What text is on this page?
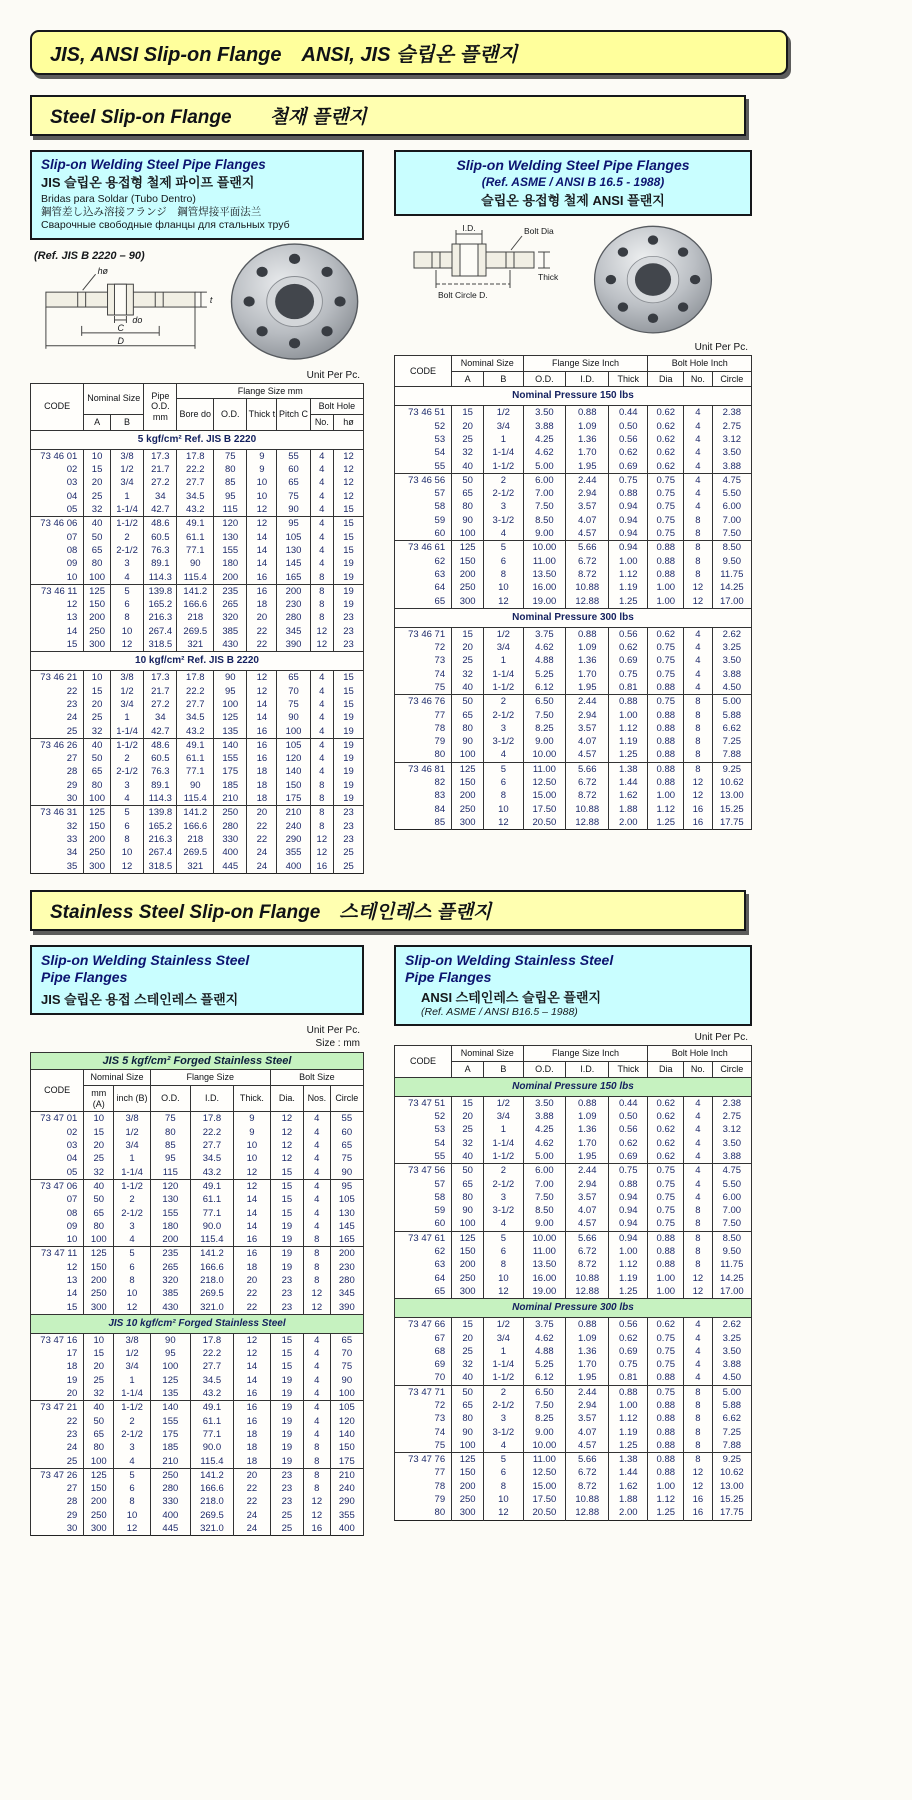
JIS, ANSI Slip-on Flange　ANSI, JIS 슬립온 플랜지
Steel Slip-on Flange　　철재 플랜지
Slip-on Welding Steel Pipe Flanges
JIS 슬립온 용접형 철제 파이프 플랜지
Bridas para Soldar (Tubo Dentro)
鋼管差し込み溶接フランジ　鋼管焊接平面法兰
Сварочные свободные фланцы для стальных труб
(Ref. JIS B 2220 – 90)
hø
t
do
C
D
Unit Per Pc.
CODE	Nominal Size		Pipe O.D. mm	Flange Size mm					
				Bore do	O.D.	Thick t	Pitch C	Bolt Hole	
	A	B						No.	hø
5 kgf/cm² Ref. JIS B 2220									
73 46 01	10	3/8	17.3	17.8	75	9	55	4	12
02	15	1/2	21.7	22.2	80	9	60	4	12
03	20	3/4	27.2	27.7	85	10	65	4	12
04	25	1	34	34.5	95	10	75	4	12
05	32	1-1/4	42.7	43.2	115	12	90	4	15
73 46 06	40	1-1/2	48.6	49.1	120	12	95	4	15
07	50	2	60.5	61.1	130	14	105	4	15
08	65	2-1/2	76.3	77.1	155	14	130	4	15
09	80	3	89.1	90	180	14	145	4	19
10	100	4	114.3	115.4	200	16	165	8	19
73 46 11	125	5	139.8	141.2	235	16	200	8	19
12	150	6	165.2	166.6	265	18	230	8	19
13	200	8	216.3	218	320	20	280	8	23
14	250	10	267.4	269.5	385	22	345	12	23
15	300	12	318.5	321	430	22	390	12	23
10 kgf/cm² Ref. JIS B 2220									
73 46 21	10	3/8	17.3	17.8	90	12	65	4	15
22	15	1/2	21.7	22.2	95	12	70	4	15
23	20	3/4	27.2	27.7	100	14	75	4	15
24	25	1	34	34.5	125	14	90	4	19
25	32	1-1/4	42.7	43.2	135	16	100	4	19
73 46 26	40	1-1/2	48.6	49.1	140	16	105	4	19
27	50	2	60.5	61.1	155	16	120	4	19
28	65	2-1/2	76.3	77.1	175	18	140	4	19
29	80	3	89.1	90	185	18	150	8	19
30	100	4	114.3	115.4	210	18	175	8	19
73 46 31	125	5	139.8	141.2	250	20	210	8	23
32	150	6	165.2	166.6	280	22	240	8	23
33	200	8	216.3	218	330	22	290	12	23
34	250	10	267.4	269.5	400	24	355	12	25
35	300	12	318.5	321	445	24	400	16	25
Slip-on Welding Steel Pipe Flanges
(Ref. ASME / ANSI B 16.5 - 1988)
슬립온 용접형 철제 ANSI 플랜지
I.D.	Bolt Dia
Thick
Bolt Circle D.
Unit Per Pc.
CODE	Nominal Size		Flange Size Inch			Bolt Hole Inch		
	A	B	O.D.	I.D.	Thick	Dia	No.	Circle
Nominal Pressure 150 lbs								
73 46 51	15	1/2	3.50	0.88	0.44	0.62	4	2.38
52	20	3/4	3.88	1.09	0.50	0.62	4	2.75
53	25	1	4.25	1.36	0.56	0.62	4	3.12
54	32	1-1/4	4.62	1.70	0.62	0.62	4	3.50
55	40	1-1/2	5.00	1.95	0.69	0.62	4	3.88
73 46 56	50	2	6.00	2.44	0.75	0.75	4	4.75
57	65	2-1/2	7.00	2.94	0.88	0.75	4	5.50
58	80	3	7.50	3.57	0.94	0.75	4	6.00
59	90	3-1/2	8.50	4.07	0.94	0.75	8	7.00
60	100	4	9.00	4.57	0.94	0.75	8	7.50
73 46 61	125	5	10.00	5.66	0.94	0.88	8	8.50
62	150	6	11.00	6.72	1.00	0.88	8	9.50
63	200	8	13.50	8.72	1.12	0.88	8	11.75
64	250	10	16.00	10.88	1.19	1.00	12	14.25
65	300	12	19.00	12.88	1.25	1.00	12	17.00
Nominal Pressure 300 lbs								
73 46 71	15	1/2	3.75	0.88	0.56	0.62	4	2.62
72	20	3/4	4.62	1.09	0.62	0.75	4	3.25
73	25	1	4.88	1.36	0.69	0.75	4	3.50
74	32	1-1/4	5.25	1.70	0.75	0.75	4	3.88
75	40	1-1/2	6.12	1.95	0.81	0.88	4	4.50
73 46 76	50	2	6.50	2.44	0.88	0.75	8	5.00
77	65	2-1/2	7.50	2.94	1.00	0.88	8	5.88
78	80	3	8.25	3.57	1.12	0.88	8	6.62
79	90	3-1/2	9.00	4.07	1.19	0.88	8	7.25
80	100	4	10.00	4.57	1.25	0.88	8	7.88
73 46 81	125	5	11.00	5.66	1.38	0.88	8	9.25
82	150	6	12.50	6.72	1.44	0.88	12	10.62
83	200	8	15.00	8.72	1.62	1.00	12	13.00
84	250	10	17.50	10.88	1.88	1.12	16	15.25
85	300	12	20.50	12.88	2.00	1.25	16	17.75
Stainless Steel Slip-on Flange　스테인레스 플랜지
Slip-on Welding Stainless Steel
Pipe Flanges
JIS 슬립온 용접 스테인레스 플랜지
Unit Per Pc.
Size : mm
JIS 5 kgf/cm² Forged Stainless Steel
CODE	Nominal Size		Flange Size			Bolt Size		
	mm (A)	inch (B)	O.D.	I.D.	Thick.	Dia.	Nos.	Circle
73 47 01	10	3/8	75	17.8	9	12	4	55
02	15	1/2	80	22.2	9	12	4	60
03	20	3/4	85	27.7	10	12	4	65
04	25	1	95	34.5	10	12	4	75
05	32	1-1/4	115	43.2	12	15	4	90
73 47 06	40	1-1/2	120	49.1	12	15	4	95
07	50	2	130	61.1	14	15	4	105
08	65	2-1/2	155	77.1	14	15	4	130
09	80	3	180	90.0	14	19	4	145
10	100	4	200	115.4	16	19	8	165
73 47 11	125	5	235	141.2	16	19	8	200
12	150	6	265	166.6	18	19	8	230
13	200	8	320	218.0	20	23	8	280
14	250	10	385	269.5	22	23	12	345
15	300	12	430	321.0	22	23	12	390
JIS 10 kgf/cm² Forged Stainless Steel								
73 47 16	10	3/8	90	17.8	12	15	4	65
17	15	1/2	95	22.2	12	15	4	70
18	20	3/4	100	27.7	14	15	4	75
19	25	1	125	34.5	14	19	4	90
20	32	1-1/4	135	43.2	16	19	4	100
73 47 21	40	1-1/2	140	49.1	16	19	4	105
22	50	2	155	61.1	16	19	4	120
23	65	2-1/2	175	77.1	18	19	4	140
24	80	3	185	90.0	18	19	8	150
25	100	4	210	115.4	18	19	8	175
73 47 26	125	5	250	141.2	20	23	8	210
27	150	6	280	166.6	22	23	8	240
28	200	8	330	218.0	22	23	12	290
29	250	10	400	269.5	24	25	12	355
30	300	12	445	321.0	24	25	16	400
Slip-on Welding Stainless Steel
Pipe Flanges
ANSI 스테인레스 슬립온 플랜지
(Ref. ASME / ANSI B16.5 – 1988)
Unit Per Pc.
CODE	Nominal Size		Flange Size Inch			Bolt Hole Inch		
	A	B	O.D.	I.D.	Thick	Dia	No.	Circle
Nominal Pressure 150 lbs								
73 47 51	15	1/2	3.50	0.88	0.44	0.62	4	2.38
52	20	3/4	3.88	1.09	0.50	0.62	4	2.75
53	25	1	4.25	1.36	0.56	0.62	4	3.12
54	32	1-1/4	4.62	1.70	0.62	0.62	4	3.50
55	40	1-1/2	5.00	1.95	0.69	0.62	4	3.88
73 47 56	50	2	6.00	2.44	0.75	0.75	4	4.75
57	65	2-1/2	7.00	2.94	0.88	0.75	4	5.50
58	80	3	7.50	3.57	0.94	0.75	4	6.00
59	90	3-1/2	8.50	4.07	0.94	0.75	8	7.00
60	100	4	9.00	4.57	0.94	0.75	8	7.50
73 47 61	125	5	10.00	5.66	0.94	0.88	8	8.50
62	150	6	11.00	6.72	1.00	0.88	8	9.50
63	200	8	13.50	8.72	1.12	0.88	8	11.75
64	250	10	16.00	10.88	1.19	1.00	12	14.25
65	300	12	19.00	12.88	1.25	1.00	12	17.00
Nominal Pressure 300 lbs								
73 47 66	15	1/2	3.75	0.88	0.56	0.62	4	2.62
67	20	3/4	4.62	1.09	0.62	0.75	4	3.25
68	25	1	4.88	1.36	0.69	0.75	4	3.50
69	32	1-1/4	5.25	1.70	0.75	0.75	4	3.88
70	40	1-1/2	6.12	1.95	0.81	0.88	4	4.50
73 47 71	50	2	6.50	2.44	0.88	0.75	8	5.00
72	65	2-1/2	7.50	2.94	1.00	0.88	8	5.88
73	80	3	8.25	3.57	1.12	0.88	8	6.62
74	90	3-1/2	9.00	4.07	1.19	0.88	8	7.25
75	100	4	10.00	4.57	1.25	0.88	8	7.88
73 47 76	125	5	11.00	5.66	1.38	0.88	8	9.25
77	150	6	12.50	6.72	1.44	0.88	12	10.62
78	200	8	15.00	8.72	1.62	1.00	12	13.00
79	250	10	17.50	10.88	1.88	1.12	16	15.25
80	300	12	20.50	12.88	2.00	1.25	16	17.75
